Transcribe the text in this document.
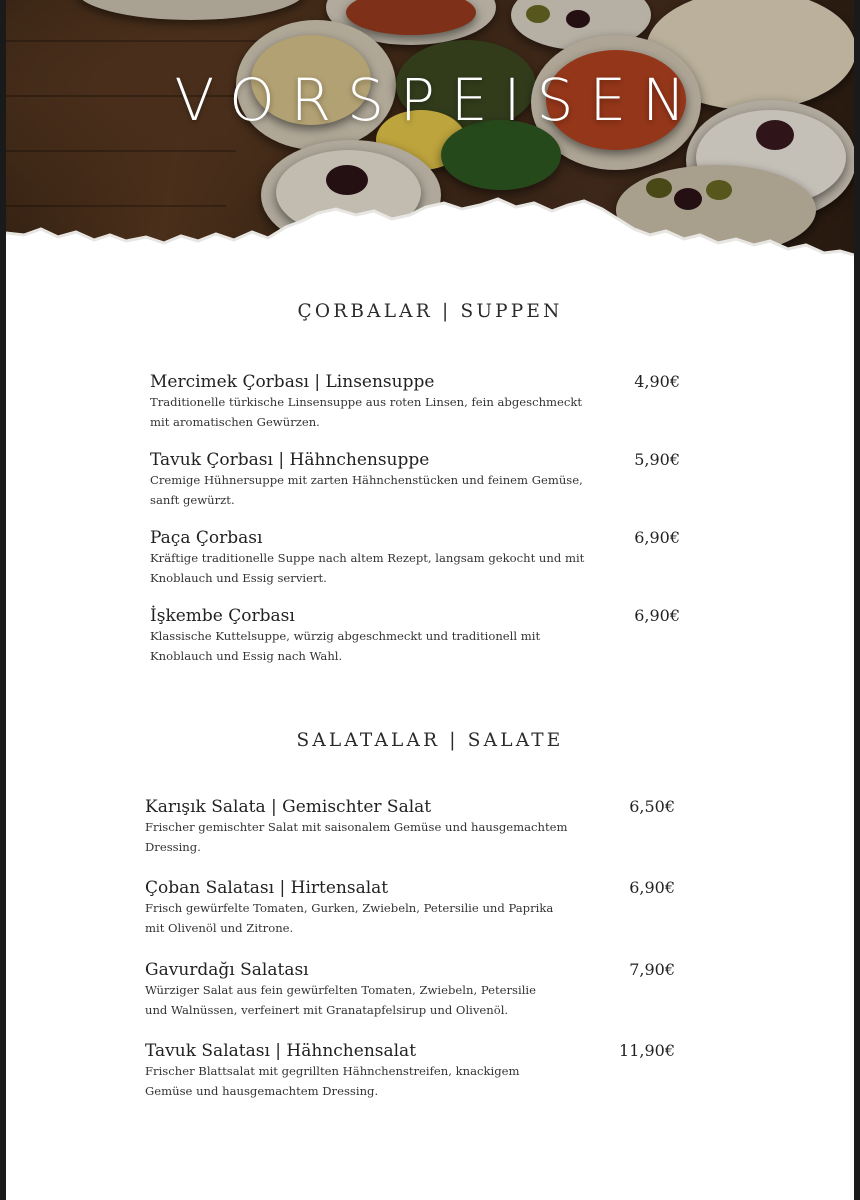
VORSPEISEN
ÇORBALAR | SUPPEN
Mercimek Çorbası | Linsensuppe
Traditionelle türkische Linsensuppe aus roten Linsen, fein abgeschmeckt
mit aromatischen Gewürzen.
4,90€
Tavuk Çorbası | Hähnchensuppe
Cremige Hühnersuppe mit zarten Hähnchenstücken und feinem Gemüse,
sanft gewürzt.
5,90€
Paça Çorbası
Kräftige traditionelle Suppe nach altem Rezept, langsam gekocht und mit
Knoblauch und Essig serviert.
6,90€
İşkembe Çorbası
Klassische Kuttelsuppe, würzig abgeschmeckt und traditionell mit
Knoblauch und Essig nach Wahl.
6,90€
SALATALAR | SALATE
Karışık Salata | Gemischter Salat
Frischer gemischter Salat mit saisonalem Gemüse und hausgemachtem
Dressing.
6,50€
Çoban Salatası | Hirtensalat
Frisch gewürfelte Tomaten, Gurken, Zwiebeln, Petersilie und Paprika
mit Olivenöl und Zitrone.
6,90€
Gavurdağı Salatası
Würziger Salat aus fein gewürfelten Tomaten, Zwiebeln, Petersilie
und Walnüssen, verfeinert mit Granatapfelsirup und Olivenöl.
7,90€
Tavuk Salatası | Hähnchensalat
Frischer Blattsalat mit gegrillten Hähnchenstreifen, knackigem
Gemüse und hausgemachtem Dressing.
11,90€
